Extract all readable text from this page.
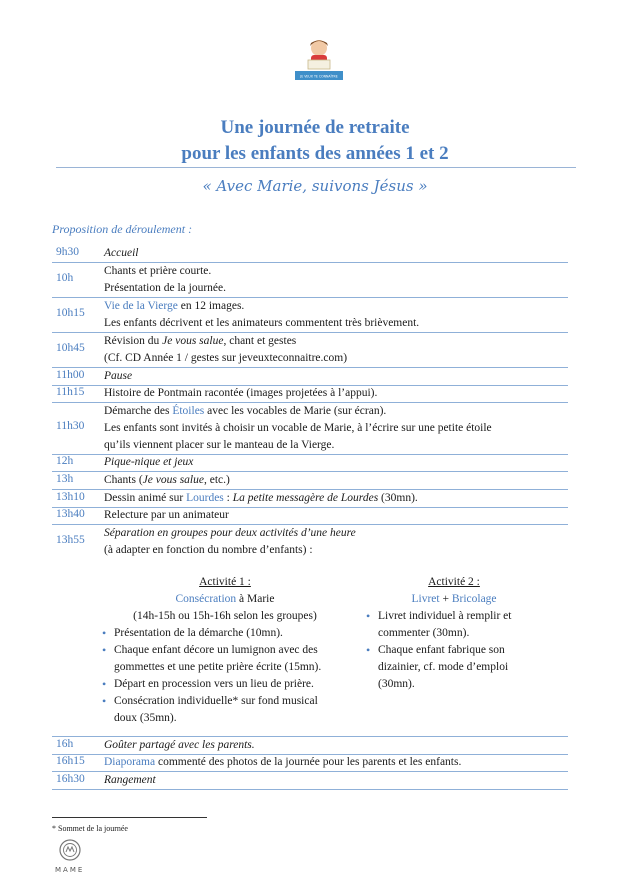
JE VEUX TE CONNAÎTRE
Une journée de retraite
pour les enfants des années 1 et 2
« Avec Marie, suivons Jésus »
Proposition de déroulement :
9h30 Accueil
10h
Chants et prière courte.
Présentation de la journée.
10h15
Vie de la Vierge en 12 images.
Les enfants décrivent et les animateurs commentent très brièvement.
10h45
Révision du Je vous salue, chant et gestes
(Cf. CD Année 1 / gestes sur jeveuxteconnaitre.com)
11h00 Pause
11h15 Histoire de Pontmain racontée (images projetées à l’appui).
11h30
Démarche des Étoiles avec les vocables de Marie (sur écran).
Les enfants sont invités à choisir un vocable de Marie, à l’écrire sur une petite étoile
qu’ils viennent placer sur le manteau de la Vierge.
12h	Pique-nique et jeux
13h	Chants (Je vous salue, etc.)
13h10 Dessin animé sur Lourdes : La petite messagère de Lourdes (30mn).
13h40 Relecture par un animateur
13h55
Séparation en groupes pour deux activités d’une heure
(à adapter en fonction du nombre d’enfants) :
Activité 1 :
Consécration à Marie
(14h-15h ou 15h-16h selon les groupes)
• Présentation de la démarche (10mn).
• Chaque enfant décore un lumignon avec des
gommettes et une petite prière écrite (15mn).
• Départ en procession vers un lieu de prière.
• Consécration individuelle* sur fond musical
doux (35mn).
Activité 2 :
Livret + Bricolage
• Livret individuel à remplir et
commenter (30mn).
• Chaque enfant fabrique son
dizainier, cf. mode d’emploi
(30mn).
16h	Goûter partagé avec les parents.
16h15 Diaporama commenté des photos de la journée pour les parents et les enfants.
16h30 Rangement
* Sommet de la journée
MAME
